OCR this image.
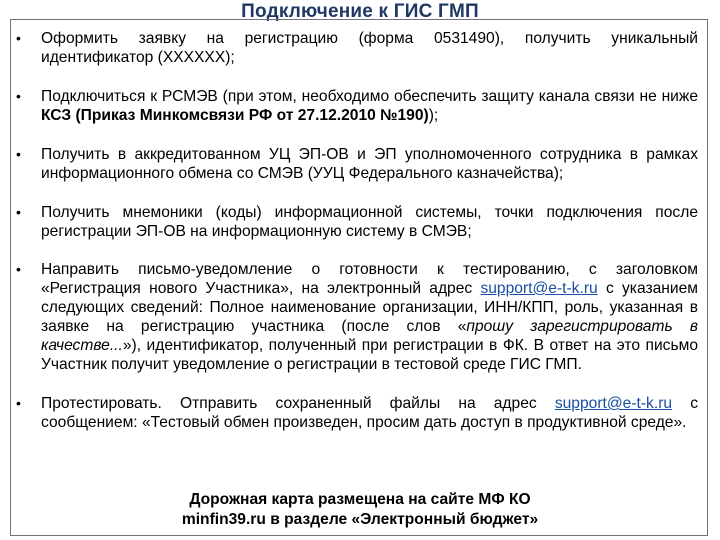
Подключение к ГИС ГМП
• Оформить заявку на регистрацию (форма 0531490), получить уникальный идентификатор (XXXXXX);
• Подключиться к РСМЭВ (при этом, необходимо обеспечить защиту канала связи не ниже КСЗ (Приказ Минкомсвязи РФ от 27.12.2010 №190));
• Получить в аккредитованном УЦ ЭП-ОВ и ЭП уполномоченного сотрудника в рамках информационного обмена со СМЭВ (УУЦ Федерального казначейства);
• Получить мнемоники (коды) информационной системы, точки подключения после регистрации ЭП-ОВ на информационную систему в СМЭВ;
• Направить письмо-уведомление о готовности к тестированию, с заголовком «Регистрация нового Участника», на электронный адрес support@e-t-k.ru с указанием следующих сведений: Полное наименование организации, ИНН/КПП, роль, указанная в заявке на регистрацию участника (после слов «прошу зарегистрировать в качестве...»), идентификатор, полученный при регистрации в ФК. В ответ на это письмо Участник получит уведомление о регистрации в тестовой среде ГИС ГМП.
• Протестировать. Отправить сохраненный файлы на адрес support@e-t-k.ru с сообщением: «Тестовый обмен произведен, просим дать доступ в продуктивной среде».
Дорожная карта размещена на сайте МФ КО
minfin39.ru в разделе «Электронный бюджет»
